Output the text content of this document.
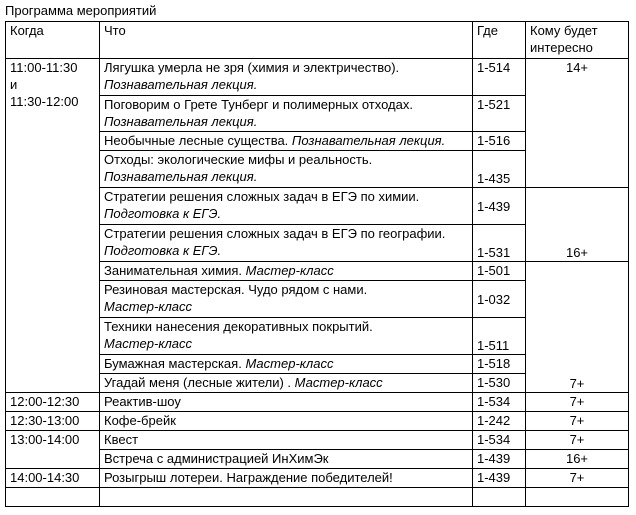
Программа мероприятий
Когда	Что	Где	Кому будет
интересно

11:00-11:30
и
11:30-12:00	Лягушка умерла не зря (химия и электричество).
Познавательная лекция.	1-514	14+

	Поговорим о Грете Тунберг и полимерных отходах.
Познавательная лекция.	1-521	
	Необычные лесные существа. Познавательная лекция.	1-516	

	Отходы: экологические мифы и реальность.
Познавательная лекция.	1-435	

	Стратегии решения сложных задач в ЕГЭ по химии.
Подготовка к ЕГЭ.	1-439	16+

	Стратегии решения сложных задач в ЕГЭ по географии.
Подготовка к ЕГЭ.	1-531	
	Занимательная химия. Мастер-класс	1-501	7+

	Резиновая мастерская. Чудо рядом с нами.
Мастер-класс	1-032	

	Техники нанесения декоративных покрытий.
Мастер-класс	1-511	
	Бумажная мастерская. Мастер-класс	1-518	
	Угадай меня (лесные жители) . Мастер-класс	1-530	
12:00-12:30	Реактив-шоу	1-534	7+
12:30-13:00	Кофе-брейк	1-242	7+
13:00-14:00	Квест	1-534	7+
	Встреча с администрацией ИнХимЭк	1-439	16+
14:00-14:30	Розыгрыш лотереи. Награждение победителей!	1-439	7+
